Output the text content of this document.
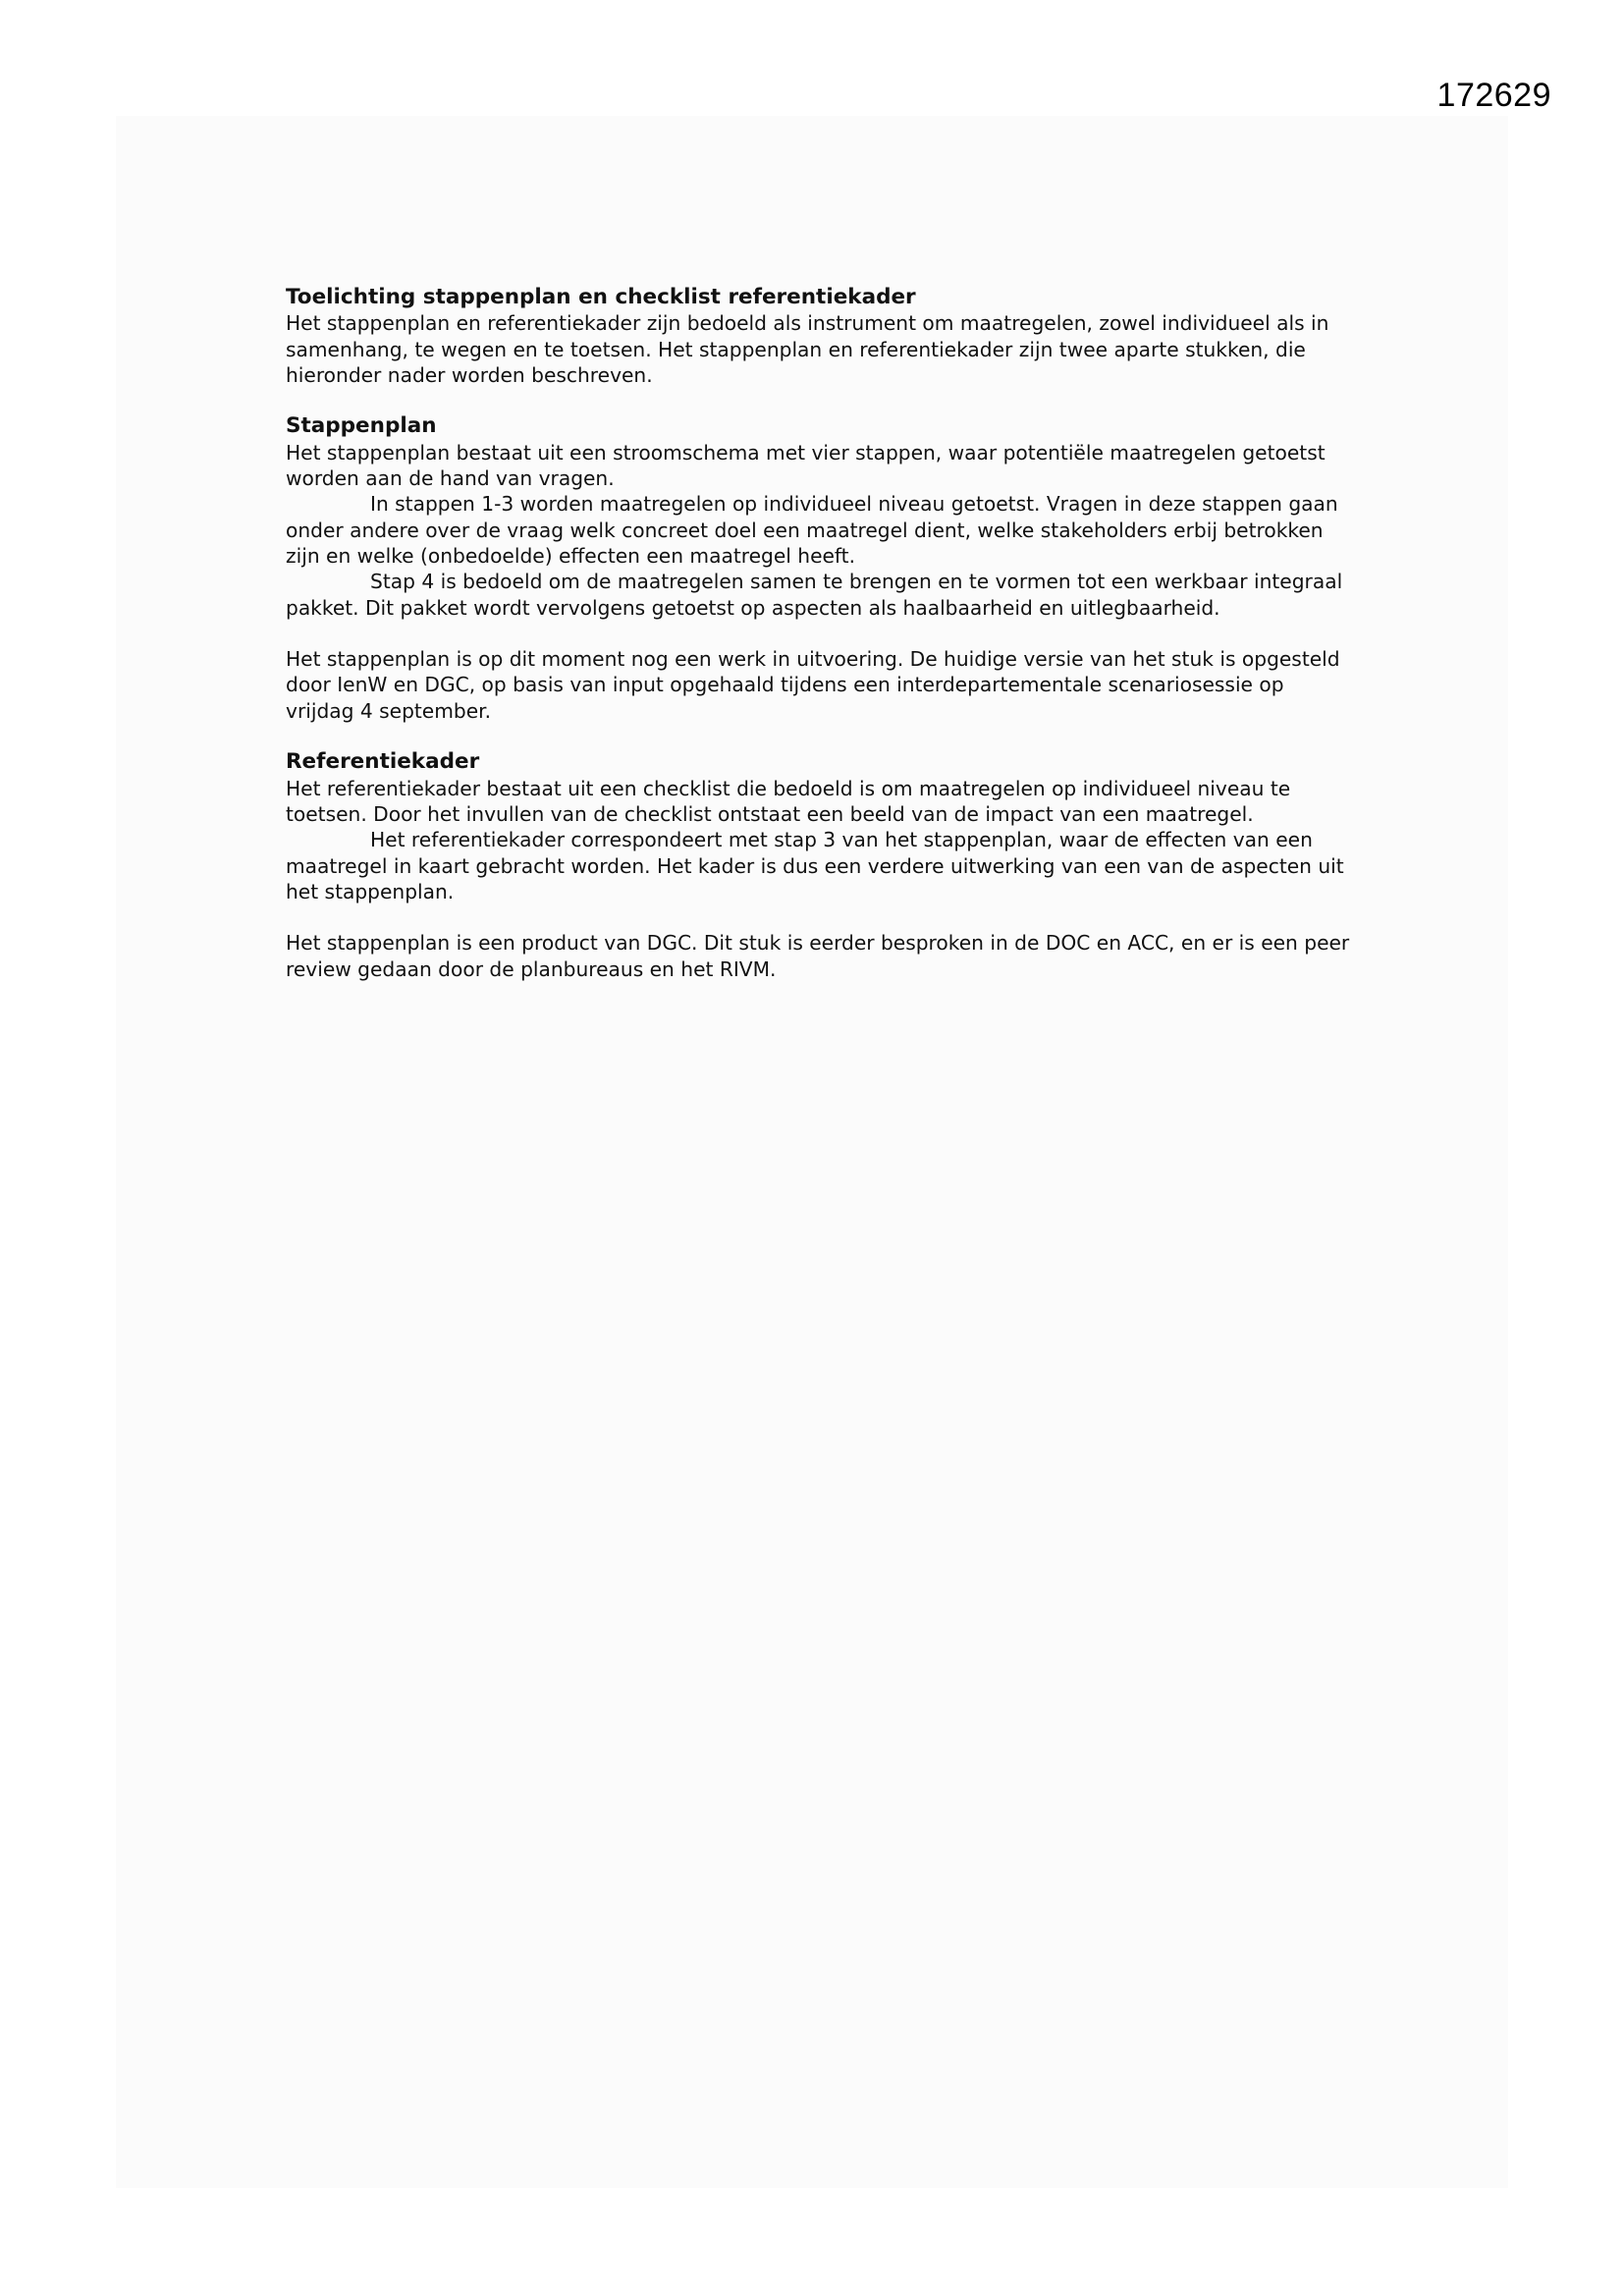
172629
Toelichting stappenplan en checklist referentiekader

Het stappenplan en referentiekader zijn bedoeld als instrument om maatregelen, zowel individueel als in samenhang, te wegen en te toetsen. Het stappenplan en referentiekader zijn twee aparte stukken, die hieronder nader worden beschreven.

Stappenplan

Het stappenplan bestaat uit een stroomschema met vier stappen, waar potentiële maatregelen getoetst worden aan de hand van vragen.

In stappen 1-3 worden maatregelen op individueel niveau getoetst. Vragen in deze stappen gaan onder andere over de vraag welk concreet doel een maatregel dient, welke stakeholders erbij betrokken zijn en welke (onbedoelde) effecten een maatregel heeft.

Stap 4 is bedoeld om de maatregelen samen te brengen en te vormen tot een werkbaar integraal pakket. Dit pakket wordt vervolgens getoetst op aspecten als haalbaarheid en uitlegbaarheid.

Het stappenplan is op dit moment nog een werk in uitvoering. De huidige versie van het stuk is opgesteld door IenW en DGC, op basis van input opgehaald tijdens een interdepartementale scenariosessie op vrijdag 4 september.

Referentiekader

Het referentiekader bestaat uit een checklist die bedoeld is om maatregelen op individueel niveau te toetsen. Door het invullen van de checklist ontstaat een beeld van de impact van een maatregel.

Het referentiekader correspondeert met stap 3 van het stappenplan, waar de effecten van een maatregel in kaart gebracht worden. Het kader is dus een verdere uitwerking van een van de aspecten uit het stappenplan.

Het stappenplan is een product van DGC. Dit stuk is eerder besproken in de DOC en ACC, en er is een peer review gedaan door de planbureaus en het RIVM.
